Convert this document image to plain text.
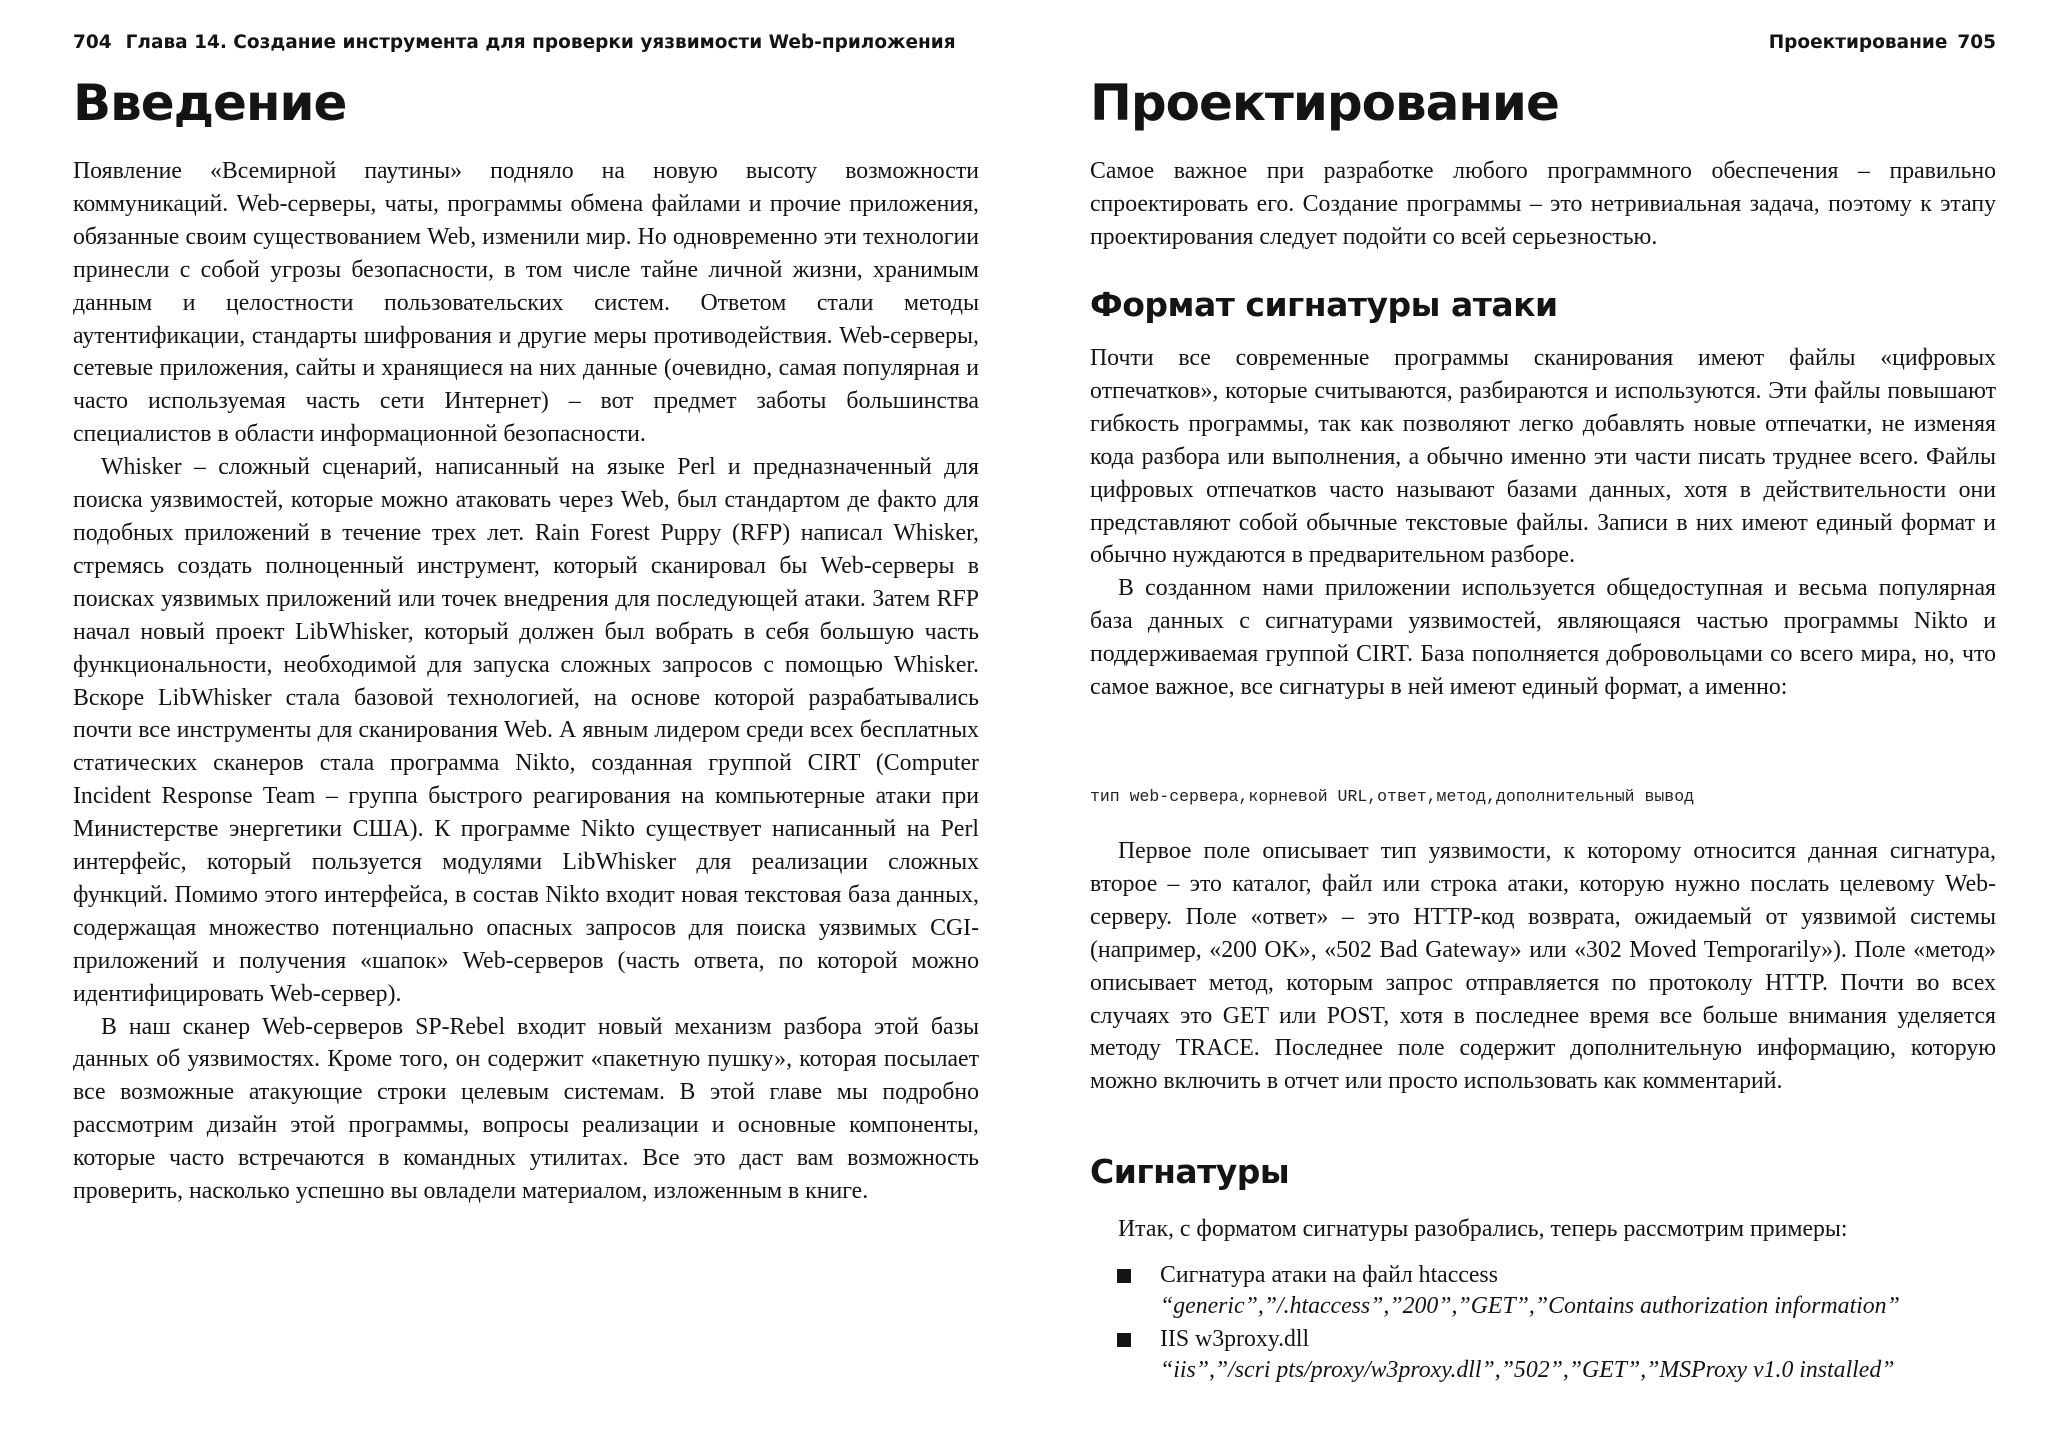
704 Глава 14. Создание инструмента для проверки уязвимости Web-приложения
Введение

Появление «Всемирной паутины» подняло на новую высоту возможности коммуникаций. Web-серверы, чаты, программы обмена файлами и прочие приложения, обязанные своим существованием Web, изменили мир. Но одновременно эти технологии принесли с собой угрозы безопасности, в том числе тайне личной жизни, хранимым данным и целостности пользовательских систем. Ответом стали методы аутентификации, стандарты шифрования и другие меры противодействия. Web-серверы, сетевые приложения, сайты и хранящиеся на них данные (очевидно, самая популярная и часто используемая часть сети Интернет) – вот предмет заботы большинства специалистов в области информационной безопасности.

Whisker – сложный сценарий, написанный на языке Perl и предназначенный для поиска уязвимостей, которые можно атаковать через Web, был стандартом де факто для подобных приложений в течение трех лет. Rain Forest Puppy (RFP) написал Whisker, стремясь создать полноценный инструмент, который сканировал бы Web-серверы в поисках уязвимых приложений или точек внедрения для последующей атаки. Затем RFP начал новый проект LibWhisker, который должен был вобрать в себя большую часть функциональности, необходимой для запуска сложных запросов с помощью Whisker. Вскоре LibWhisker стала базовой технологией, на основе которой разрабатывались почти все инструменты для сканирования Web. А явным лидером среди всех бесплатных статических сканеров стала программа Nikto, созданная группой CIRT (Computer Incident Response Team – группа быстрого реагирования на компьютерные атаки при Министерстве энергетики США). К программе Nikto существует написанный на Perl интерфейс, который пользуется модулями LibWhisker для реализации сложных функций. Помимо этого интерфейса, в состав Nikto входит новая текстовая база данных, содержащая множество потенциально опасных запросов для поиска уязвимых CGI-приложений и получения «шапок» Web-серверов (часть ответа, по которой можно идентифицировать Web-сервер).

В наш сканер Web-серверов SP-Rebel входит новый механизм разбора этой базы данных об уязвимостях. Кроме того, он содержит «пакетную пушку», которая посылает все возможные атакующие строки целевым системам. В этой главе мы подробно рассмотрим дизайн этой программы, вопросы реализации и основные компоненты, которые часто встречаются в командных утилитах. Все это даст вам возможность проверить, насколько успешно вы овладели материалом, изложенным в книге.

Проектирование 705
Проектирование

Самое важное при разработке любого программного обеспечения – правильно спроектировать его. Создание программы – это нетривиальная задача, поэтому к этапу проектирования следует подойти со всей серьезностью.

Формат сигнатуры атаки

Почти все современные программы сканирования имеют файлы «цифровых отпечатков», которые считываются, разбираются и используются. Эти файлы повышают гибкость программы, так как позволяют легко добавлять новые отпечатки, не изменяя кода разбора или выполнения, а обычно именно эти части писать труднее всего. Файлы цифровых отпечатков часто называют базами данных, хотя в действительности они представляют собой обычные текстовые файлы. Записи в них имеют единый формат и обычно нуждаются в предварительном разборе.

В созданном нами приложении используется общедоступная и весьма популярная база данных с сигнатурами уязвимостей, являющаяся частью программы Nikto и поддерживаемая группой CIRT. База пополняется добровольцами со всего мира, но, что самое важное, все сигнатуры в ней имеют единый формат, а именно:

тип web-сервера,корневой URL,ответ,метод,дополнительный вывод

Первое поле описывает тип уязвимости, к которому относится данная сигнатура, второе – это каталог, файл или строка атаки, которую нужно послать целевому Web-серверу. Поле «ответ» – это HTTP-код возврата, ожидаемый от уязвимой системы (например, «200 OK», «502 Bad Gateway» или «302 Moved Temporarily»). Поле «метод» описывает метод, которым запрос отправляется по протоколу HTTP. Почти во всех случаях это GET или POST, хотя в последнее время все больше внимания уделяется методу TRACE. Последнее поле содержит дополнительную информацию, которую можно включить в отчет или просто использовать как комментарий.

Сигнатуры

Итак, с форматом сигнатуры разобрались, теперь рассмотрим примеры:

Сигнатура атаки на файл htaccess
“generic”,”/.htaccess”,”200”,”GET”,”Contains authorization information”
IIS w3proxy.dll
“iis”,”/scri pts/proxy/w3proxy.dll”,”502”,”GET”,”MSProxy v1.0 installed”
